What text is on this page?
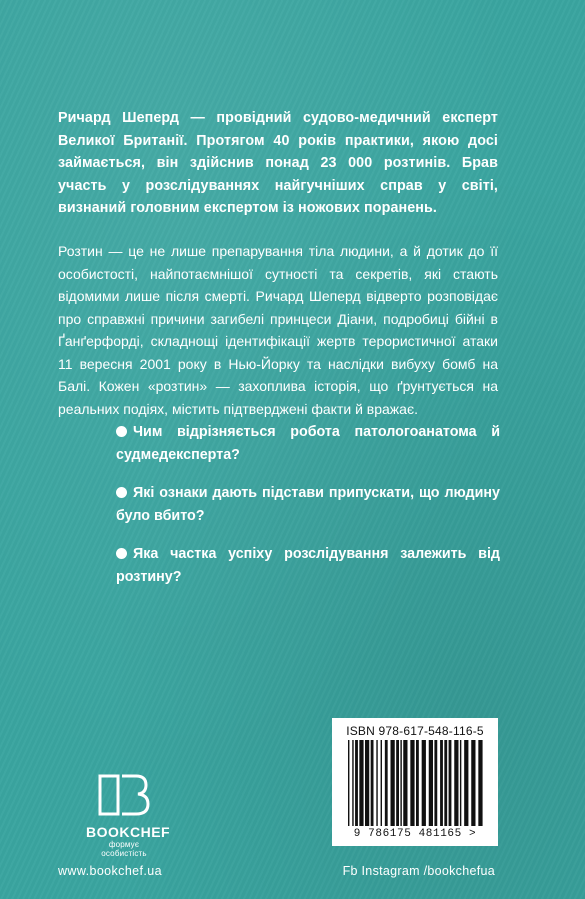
Ричард Шеперд — провідний судово-медичний експерт Великої Британії. Протягом 40 років практики, якою досі займається, він здійснив понад 23 000 розтинів. Брав участь у розслідуваннях найгучніших справ у світі, визнаний головним експертом із ножових поранень.

Розтин — це не лише препарування тіла людини, а й дотик до її особистості, найпотаємнішої сутності та секретів, які стають відомими лише після смерті. Ричард Шеперд відверто розповідає про справжні причини загибелі принцеси Діани, подробиці бійні в Ґанґерфорді, складнощі ідентифікації жертв терористичної атаки 11 вересня 2001 року в Нью-Йорку та наслідки вибуху бомб на Балі. Кожен «розтин» — захоплива історія, що ґрунтується на реальних подіях, містить підтверджені факти й вражає.

Чим відрізняється робота патологоанатома й судмедексперта?

Які ознаки дають підстави припускати, що людину було вбито?

Яка частка успіху розслідування залежить від розтину?

ISBN 978-617-548-116-5
9 786175 481165 >
BOOKCHEF
формує особистість
www.bookchef.ua	Fb Instagram /bookchefua
